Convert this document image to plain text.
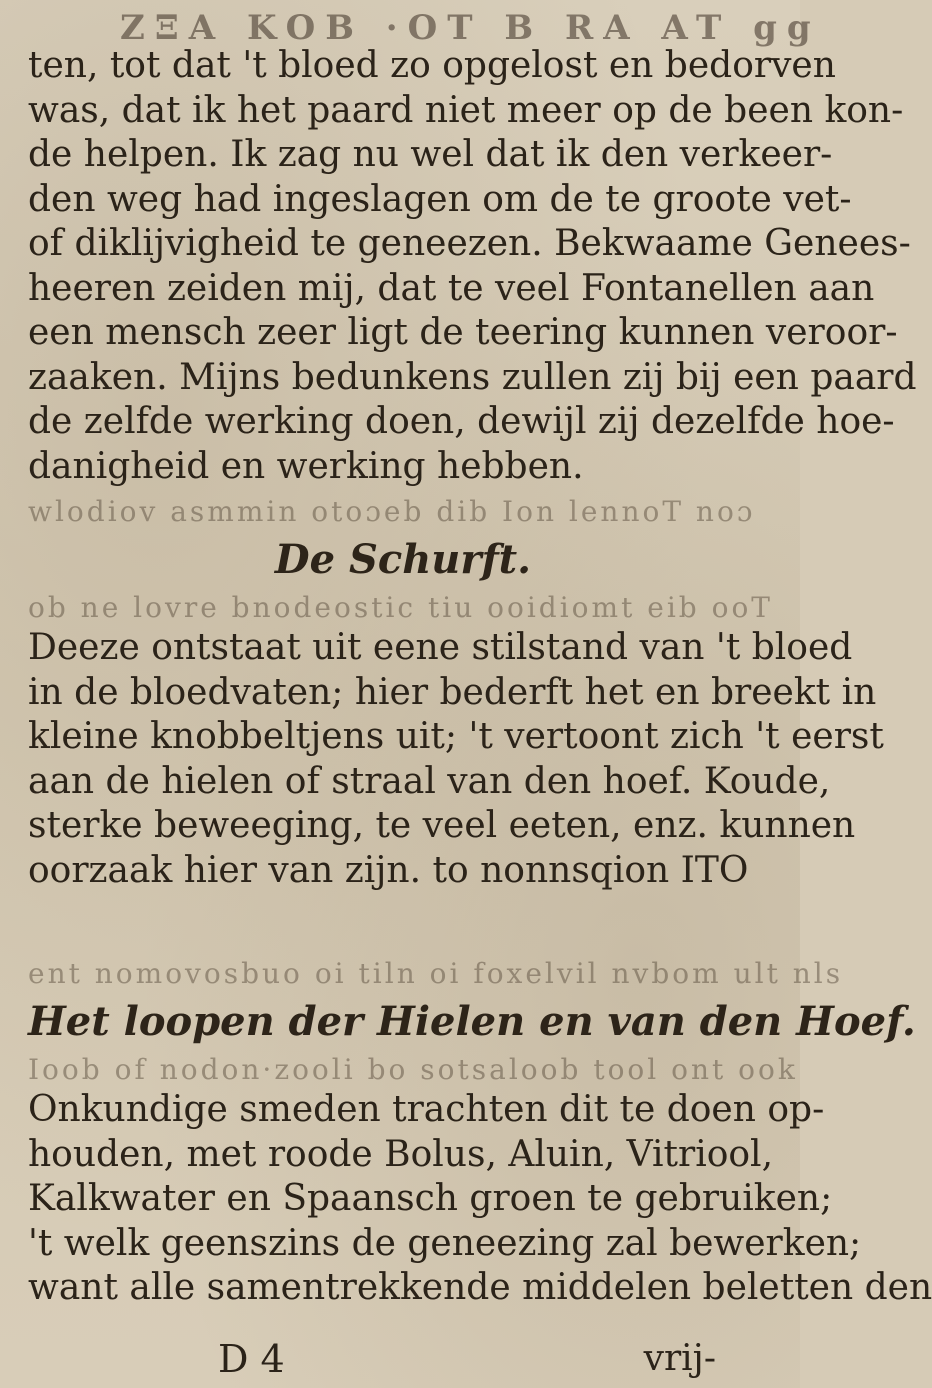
ZΞA KOB ·OT B RA AT gg
ten, tot dat 't bloed zo opgelost en bedorven
was, dat ik het paard niet meer op de been kon-
de helpen. Ik zag nu wel dat ik den verkeer-
den weg had ingeslagen om de te groote vet-
of diklijvigheid te geneezen. Bekwaame Genees-
heeren zeiden mij, dat te veel Fontanellen aan
een mensch zeer ligt de teering kunnen veroor-
zaaken. Mijns bedunkens zullen zij bij een paard
de zelfde werking doen, dewijl zij dezelfde hoe-
danigheid en werking hebben.
wlodiov asmmin otoɔeb dib Ion lennoT noɔ
De Schurft.
ob ne lovre bnodeostic tiu ooidiomt eib ooT
Deeze ontstaat uit eene stilstand van 't bloed
in de bloedvaten; hier bederft het en breekt in
kleine knobbeltjens uit; 't vertoont zich 't eerst
aan de hielen of straal van den hoef. Koude,
sterke beweeging, te veel eeten, enz. kunnen
oorzaak hier van zijn. to nonnsqion ITO
ent nomovosbuo oi tiln oi foxelvil nvbom ult nls
Het loopen der Hielen en van den Hoef.
Ioob of nodon·zooli bo sotsaloob tool ont ook
Onkundige smeden trachten dit te doen op-
houden, met roode Bolus, Aluin, Vitriool,
Kalkwater en Spaansch groen te gebruiken;
't welk geenszins de geneezing zal bewerken;
want alle samentrekkende middelen beletten den
D 4	vrij-
